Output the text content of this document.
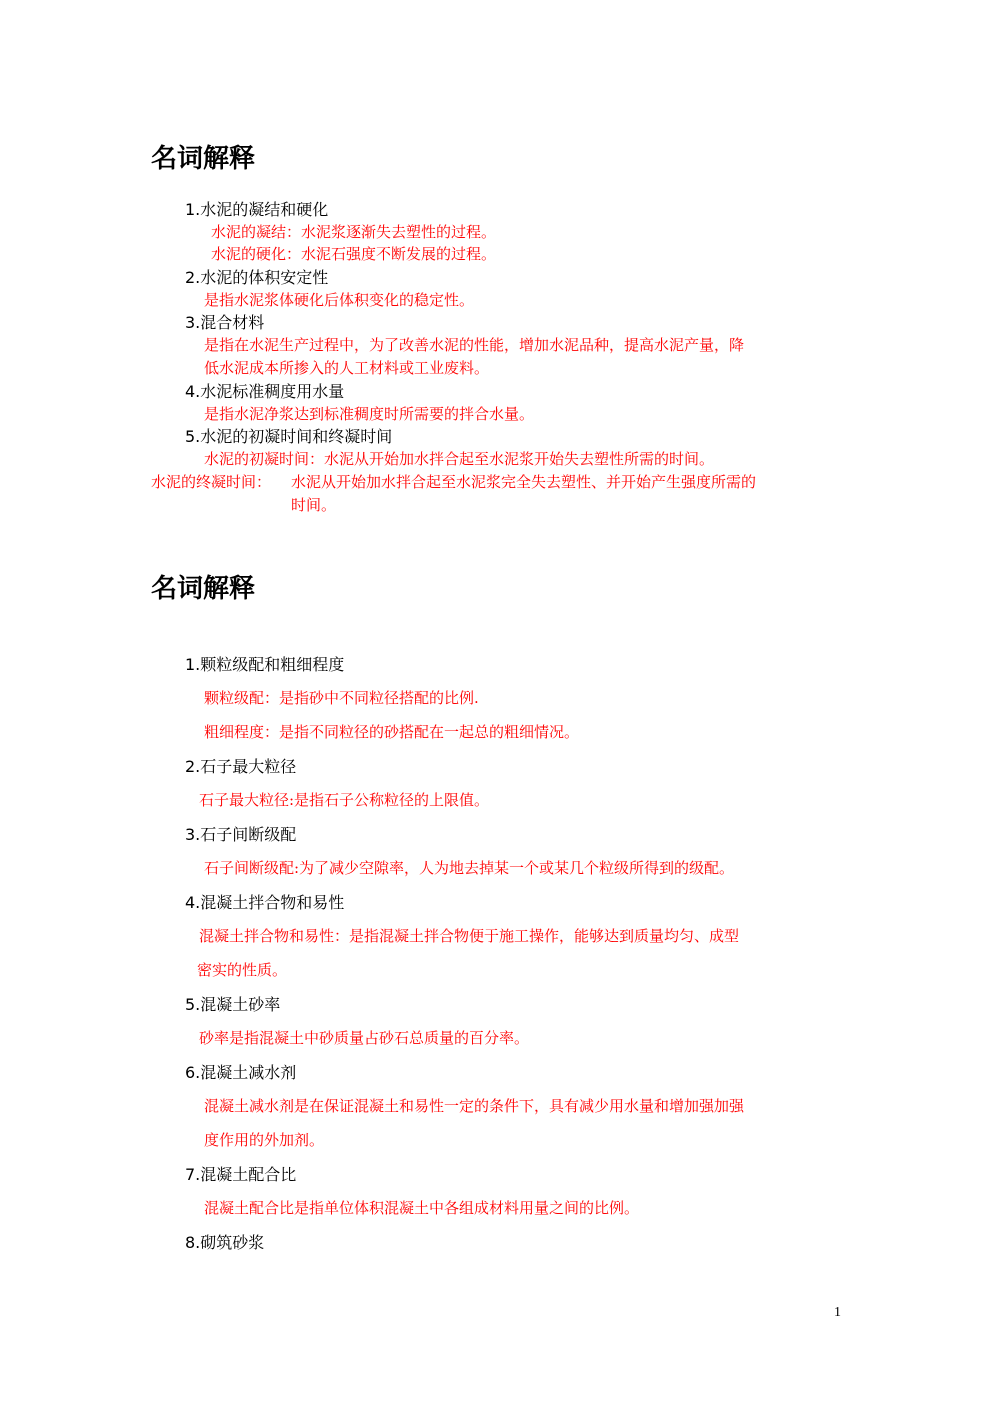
名词解释
1.水泥的凝结和硬化
水泥的凝结：水泥浆逐渐失去塑性的过程。
水泥的硬化：水泥石强度不断发展的过程。
2.水泥的体积安定性
是指水泥浆体硬化后体积变化的稳定性。
3.混合材料
是指在水泥生产过程中，为了改善水泥的性能，增加水泥品种，提高水泥产量，降
低水泥成本所掺入的人工材料或工业废料。
4.水泥标准稠度用水量
是指水泥净浆达到标准稠度时所需要的拌合水量。
5.水泥的初凝时间和终凝时间
水泥的初凝时间：水泥从开始加水拌合起至水泥浆开始失去塑性所需的时间。
水泥的终凝时间： 水泥从开始加水拌合起至水泥浆完全失去塑性、并开始产生强度所需的
时间。
名词解释
1.颗粒级配和粗细程度
颗粒级配：是指砂中不同粒径搭配的比例.
粗细程度：是指不同粒径的砂搭配在一起总的粗细情况。
2.石子最大粒径
石子最大粒径:是指石子公称粒径的上限值。
3.石子间断级配
石子间断级配:为了减少空隙率，人为地去掉某一个或某几个粒级所得到的级配。
4.混凝土拌合物和易性
混凝土拌合物和易性：是指混凝土拌合物便于施工操作，能够达到质量均匀、成型
密实的性质。
5.混凝土砂率
砂率是指混凝土中砂质量占砂石总质量的百分率。
6.混凝土减水剂
混凝土减水剂是在保证混凝土和易性一定的条件下，具有减少用水量和增加强加强
度作用的外加剂。
7.混凝土配合比
混凝土配合比是指单位体积混凝土中各组成材料用量之间的比例。
8.砌筑砂浆
1
